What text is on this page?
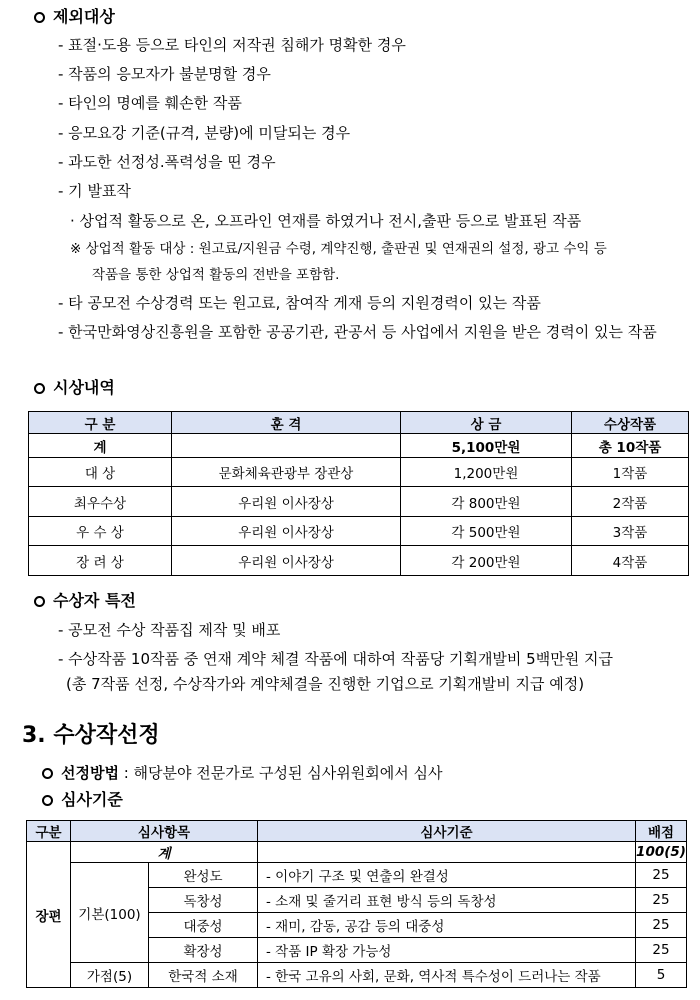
제외대상
- 표절·도용 등으로 타인의 저작권 침해가 명확한 경우
- 작품의 응모자가 불분명할 경우
- 타인의 명예를 훼손한 작품
- 응모요강 기준(규격, 분량)에 미달되는 경우
- 과도한 선정성.폭력성을 띤 경우
- 기 발표작
· 상업적 활동으로 온, 오프라인 연재를 하였거나 전시,출판 등으로 발표된 작품
※ 상업적 활동 대상 : 원고료/지원금 수령, 계약진행, 출판권 및 연재권의 설정, 광고 수익 등
작품을 통한 상업적 활동의 전반을 포함함.
- 타 공모전 수상경력 또는 원고료, 참여작 게재 등의 지원경력이 있는 작품
- 한국만화영상진흥원을 포함한 공공기관, 관공서 등 사업에서 지원을 받은 경력이 있는 작품
시상내역
구 분	훈 격	상 금	수상작품
계		5,100만원	총 10작품
대 상	문화체육관광부 장관상	1,200만원	1작품
최우수상	우리원 이사장상	각 800만원	2작품
우 수 상	우리원 이사장상	각 500만원	3작품
장 려 상	우리원 이사장상	각 200만원	4작품
수상자 특전
- 공모전 수상 작품집 제작 및 배포
- 수상작품 10작품 중 연재 계약 체결 작품에 대하여 작품당 기획개발비 5백만원 지급
(총 7작품 선정, 수상작가와 계약체결을 진행한 기업으로 기획개발비 지급 예정)
3. 수상작선정
선정방법 : 해당분야 전문가로 구성된 심사위원회에서 심사
심사기준
구분	심사항목		심사기준	배점
장편	계			100(5)
	기본(100)	완성도	- 이야기 구조 및 연출의 완결성	25
		독창성	- 소재 및 줄거리 표현 방식 등의 독창성	25
		대중성	- 재미, 감동, 공감 등의 대중성	25
		확장성	- 작품 IP 확장 가능성	25
	가점(5)	한국적 소재	- 한국 고유의 사회, 문화, 역사적 특수성이 드러나는 작품	5
